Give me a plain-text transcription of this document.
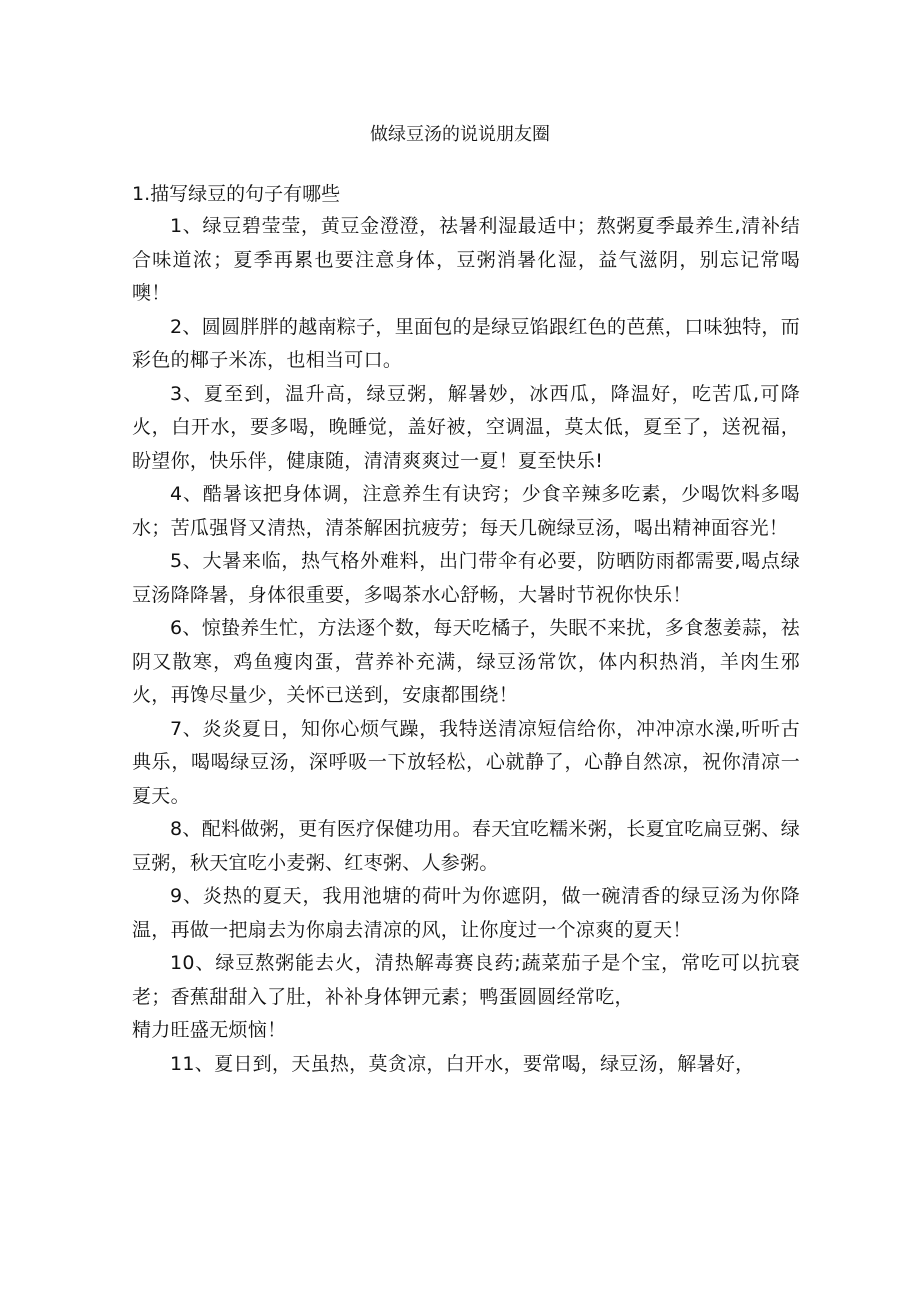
做绿豆汤的说说朋友圈
1.描写绿豆的句子有哪些

1、绿豆碧莹莹，黄豆金澄澄，祛暑利湿最适中；熬粥夏季最养生,清补结合味道浓；夏季再累也要注意身体，豆粥消暑化湿，益气滋阴，别忘记常喝噢！

2、圆圆胖胖的越南粽子，里面包的是绿豆馅跟红色的芭蕉，口味独特，而彩色的椰子米冻，也相当可口。

3、夏至到，温升高，绿豆粥，解暑妙，冰西瓜，降温好，吃苦瓜,可降火，白开水，要多喝，晚睡觉，盖好被，空调温，莫太低，夏至了，送祝福，盼望你，快乐伴，健康随，清清爽爽过一夏！夏至快乐!

4、酷暑该把身体调，注意养生有诀窍；少食辛辣多吃素，少喝饮料多喝水；苦瓜强肾又清热，清茶解困抗疲劳；每天几碗绿豆汤，喝出精神面容光！

5、大暑来临，热气格外难料，出门带伞有必要，防晒防雨都需要,喝点绿豆汤降降暑，身体很重要，多喝茶水心舒畅，大暑时节祝你快乐！

6、惊蛰养生忙，方法逐个数，每天吃橘子，失眠不来扰，多食葱姜蒜，祛阴又散寒，鸡鱼瘦肉蛋，营养补充满，绿豆汤常饮，体内积热消，羊肉生邪火，再馋尽量少，关怀已送到，安康都围绕！

7、炎炎夏日，知你心烦气躁，我特送清凉短信给你，冲冲凉水澡,听听古典乐，喝喝绿豆汤，深呼吸一下放轻松，心就静了，心静自然凉，祝你清凉一夏天。

8、配料做粥，更有医疗保健功用。春天宜吃糯米粥，长夏宜吃扁豆粥、绿豆粥，秋天宜吃小麦粥、红枣粥、人参粥。

9、炎热的夏天，我用池塘的荷叶为你遮阴，做一碗清香的绿豆汤为你降温，再做一把扇去为你扇去清凉的风，让你度过一个凉爽的夏天！

10、绿豆熬粥能去火，清热解毒赛良药;蔬菜茄子是个宝，常吃可以抗衰老；香蕉甜甜入了肚，补补身体钾元素；鸭蛋圆圆经常吃，

精力旺盛无烦恼！

11、夏日到，天虽热，莫贪凉，白开水，要常喝，绿豆汤，解暑好，
